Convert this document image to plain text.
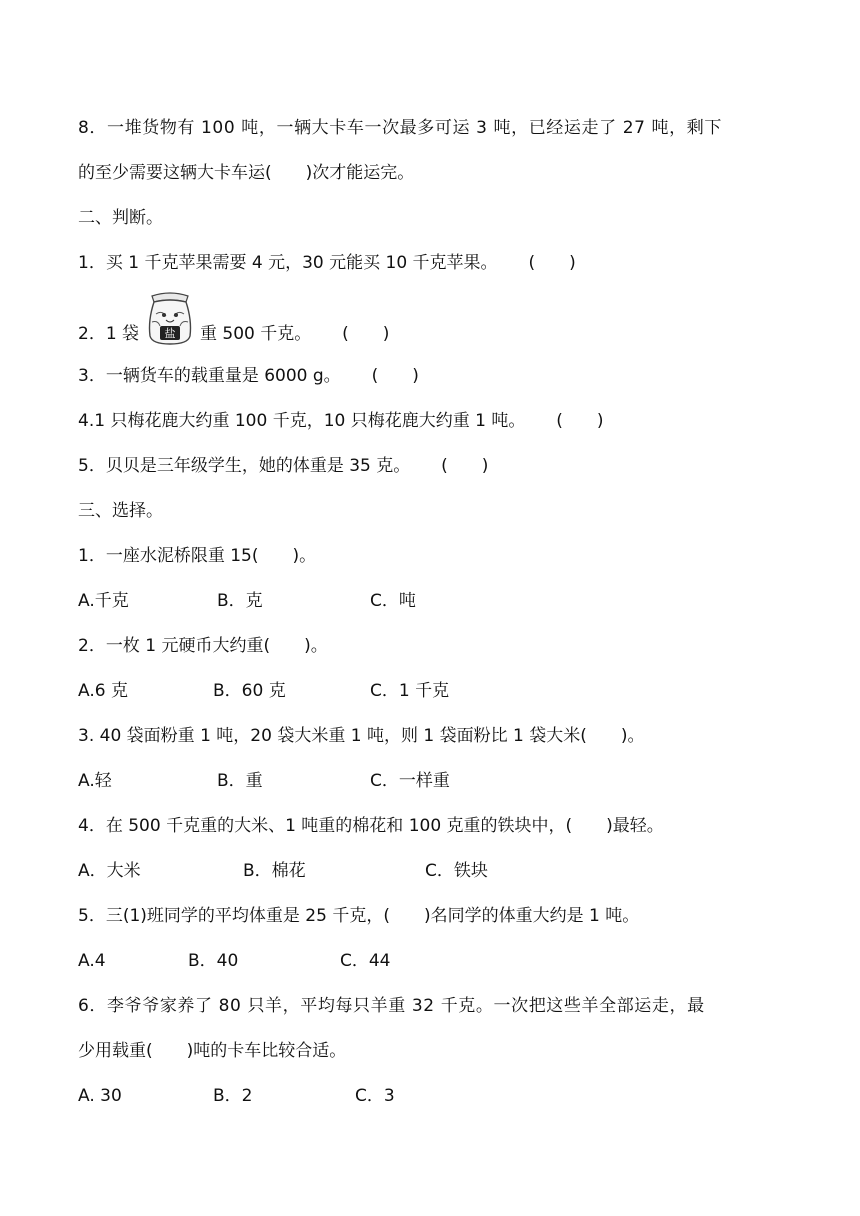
8．一堆货物有 100 吨，一辆大卡车一次最多可运 3 吨，已经运走了 27 吨，剩下
的至少需要这辆大卡车运(　　)次才能运完。
二、判断。
1．买 1 千克苹果需要 4 元，30 元能买 10 千克苹果。　　 (　　)
2．1 袋 盐 重 500 千克。　　 (　　)
3．一辆货车的载重量是 6000 g。　　 (　　)
4.1 只梅花鹿大约重 100 千克，10 只梅花鹿大约重 1 吨。　　 (　　)
5．贝贝是三年级学生，她的体重是 35 克。　　 (　　)
三、选择。
1．一座水泥桥限重 15(　　)。
A.千克	B．克	C．吨
2．一枚 1 元硬币大约重(　　)。
A.6 克	B．60 克	C．1 千克
3. 40 袋面粉重 1 吨，20 袋大米重 1 吨，则 1 袋面粉比 1 袋大米(　　)。
A.轻	B．重	C．一样重
4．在 500 千克重的大米、1 吨重的棉花和 100 克重的铁块中，(　　)最轻。
A．大米	B．棉花	C．铁块
5．三(1)班同学的平均体重是 25 千克，(　　)名同学的体重大约是 1 吨。
A.4	B．40	C．44
6．李爷爷家养了 80 只羊，平均每只羊重 32 千克。一次把这些羊全部运走，最
少用载重(　　)吨的卡车比较合适。
A. 30	B．2	C．3
